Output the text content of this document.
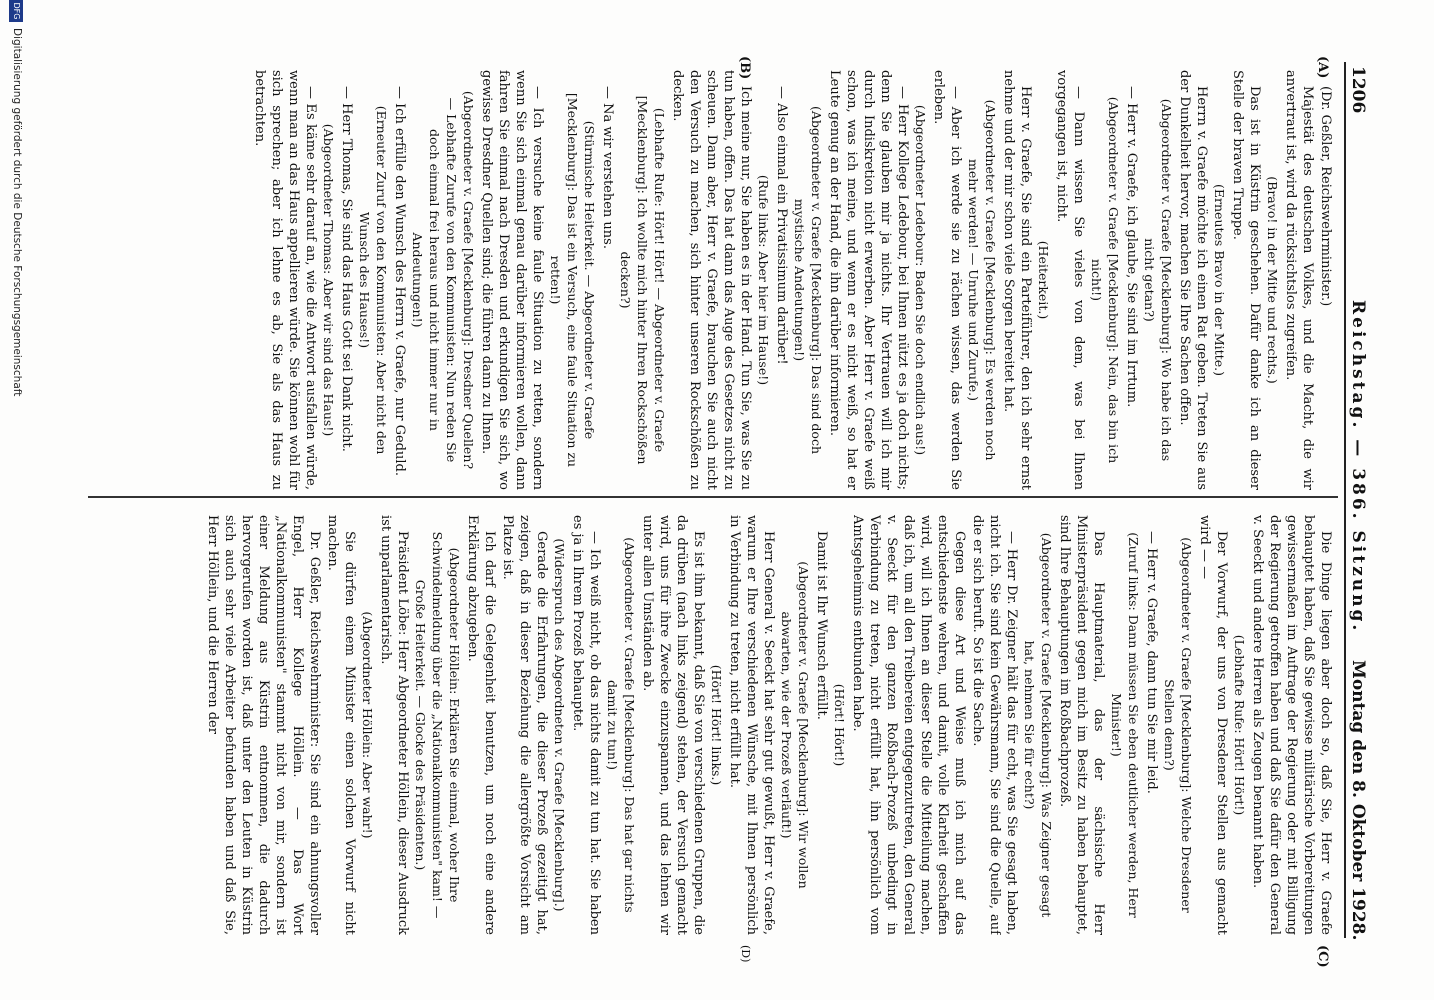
1206
Reichstag. — 386. Sitzung.
Montag den 8. Oktober 1928.
(A)
(B)
(C)
(D)

(Dr. Geßler, Reichswehrminister.)

Majestät des deutschen Volkes, und die Macht, die wir anvertraut ist, wird da rücksichtslos zugreifen.

(Bravo! in der Mitte und rechts.)

Das ist in Küstrin geschehen. Dafür danke ich an dieser Stelle der braven Truppe.

(Erneutes Bravo in der Mitte.)

Herrn v. Graefe möchte ich einen Rat geben. Treten Sie aus der Dunkelheit hervor, machen Sie Ihre Sachen offen.

(Abgeordneter v. Graefe [Mecklenburg]: Wo habe ich das nicht getan?)

— Herr v. Graefe, ich glaube, Sie sind im Irrtum.

(Abgeordneter v. Graefe [Mecklenburg]: Nein, das bin ich nicht!)

— Dann wissen Sie vieles von dem, was bei Ihnen vorgegangen ist, nicht.

(Heiterkeit.)

Herr v. Graefe, Sie sind ein Parteiführer, den ich sehr ernst nehme und der mir schon viele Sorgen bereitet hat.

(Abgeordneter v. Graefe [Mecklenburg]: Es werden noch mehr werden! — Unruhe und Zurufe.)

— Aber ich werde sie zu rächen wissen, das werden Sie erleben.

(Abgeordneter Ledebour: Baden Sie doch endlich aus!)

— Herr Kollege Ledebour, bei Ihnen nützt es ja doch nichts; denn Sie glauben mir ja nichts. Ihr Vertrauen will ich mir durch Indiskretion nicht erwerben. Aber Herr v. Graefe weiß schon, was ich meine, und wenn er es nicht weiß, so hat er Leute genug an der Hand, die ihn darüber informieren.

(Abgeordneter v. Graefe [Mecklenburg]: Das sind doch mystische Andeutungen!)

— Also einmal ein Privatissimum darüber!

(Rufe links: Aber hier im Hause!)

Ich meine nur, Sie haben es in der Hand. Tun Sie, was Sie zu tun haben, offen. Das hat dann das Auge des Gesetzes nicht zu scheuen. Dann aber, Herr v. Graefe, brauchen Sie auch nicht den Versuch zu machen, sich hinter unseren Rockschößen zu decken.

(Lebhafte Rufe: Hört! Hört! — Abgeordneter v. Graefe [Mecklenburg]: Ich wollte mich hinter Ihren Rockschößen decken?)

— Na wir verstehen uns.

(Stürmische Heiterkeit. — Abgeordneter v. Graefe [Mecklenburg]: Das ist ein Versuch, eine faule Situation zu retten!)

— Ich versuche keine faule Situation zu retten, sondern wenn Sie sich einmal genau darüber informieren wollen, dann fahren Sie einmal nach Dresden und erkundigen Sie sich, wo gewisse Dresdner Quellen sind; die führen dann zu Ihnen.

(Abgeordneter v. Graefe [Mecklenburg]: Dresdner Quellen? — Lebhafte Zurufe von den Kommunisten: Nun reden Sie doch einmal frei heraus und nicht immer nur in Andeutungen!)

— Ich erfülle den Wunsch des Herrn v. Graefe, nur Geduld.

(Erneuter Zuruf von den Kommunisten: Aber nicht den Wunsch des Hauses!)

— Herr Thomas, Sie sind das Haus Gott sei Dank nicht.

(Abgeordneter Thomas: Aber wir sind das Haus!)

— Es käme sehr darauf an, wie die Antwort ausfallen würde, wenn man an das Haus appellieren würde. Sie können wohl für sich sprechen; aber ich lehne es ab, Sie als das Haus zu betrachten.

Die Dinge liegen aber doch so, daß Sie, Herr v. Graefe behauptet haben, daß Sie gewisse militärische Vorbereitungen gewissermaßen im Auftrage der Regierung oder mit Billigung der Regierung getroffen haben und daß Sie dafür den General v. Seeckt und andere Herren als Zeugen benannt haben.

(Lebhafte Rufe: Hört! Hört!)

Der Vorwurf, der uns von Dresdener Stellen aus gemacht wird — —

(Abgeordneter v. Graefe [Mecklenburg]: Welche Dresdener Stellen denn?)

— Herr v. Graefe, dann tun Sie mir leid.

(Zuruf links: Dann müssen Sie eben deutlicher werden, Herr Minister!)

Das Hauptmaterial, das der sächsische Herr Ministerpräsident gegen mich im Besitz zu haben behauptet, sind Ihre Behauptungen im Roßbachprozeß.

(Abgeordneter v. Graefe [Mecklenburg]: Was Zeigner gesagt hat, nehmen Sie für echt?)

— Herr Dr. Zeigner hält das für echt, was Sie gesagt haben, nicht ich. Sie sind kein Gewährsmann, Sie sind die Quelle, auf die er sich beruft. So ist die Sache.

Gegen diese Art und Weise muß ich mich auf das entschiedenste wehren, und damit, volle Klarheit geschaffen wird, will ich Ihnen an dieser Stelle die Mitteilung machen, daß ich, um all den Treibereien entgegenzutreten, den General v. Seeckt für den ganzen Roßbach-Prozeß unbedingt in Verbindung zu treten, nicht erfüllt hat, ihn persönlich vom Amtsgeheimnis entbunden habe.

(Hört! Hört!)

Damit ist Ihr Wunsch erfüllt.

(Abgeordneter v. Graefe [Mecklenburg]: Wir wollen abwarten, wie der Prozeß verläuft!)

Herr General v. Seeckt hat sehr gut gewußt, Herr v. Graefe, warum er Ihre verschiedenen Wünsche, mit Ihnen persönlich in Verbindung zu treten, nicht erfüllt hat.

(Hört! Hört! links.)

Es ist ihm bekannt, daß Sie von verschiedenen Gruppen, die da drüben (nach links zeigend) stehen, der Versuch gemacht wird, uns für ihre Zwecke einzuspannen, und das lehnen wir unter allen Umständen ab.

(Abgeordneter v. Graefe [Mecklenburg]: Das hat gar nichts damit zu tun!)

— Ich weiß nicht, ob das nichts damit zu tun hat. Sie haben es ja in Ihrem Prozeß behauptet.

(Widerspruch des Abgeordneten v. Graefe [Mecklenburg].)

Gerade die Erfahrungen, die dieser Prozeß gezeitigt hat, zeigen, daß in dieser Beziehung die allergrößte Vorsicht am Platze ist.

Ich darf die Gelegenheit benutzen, um noch eine andere Erklärung abzugeben.

(Abgeordneter Höllein: Erklären Sie einmal, woher Ihre Schwindelmeldung über die „Nationalkommunisten" kam! — Große Heiterkeit. — Glocke des Präsidenten.)

Präsident Löbe: Herr Abgeordneter Höllein, dieser Ausdruck ist unparlamentarisch.

(Abgeordneter Höllein: Aber wahr!)

Sie dürfen einem Minister einen solchen Vorwurf nicht machen.

Dr. Geßler, Reichswehrminister: Sie sind ein ahnungsvoller Engel, Herr Kollege Höllein. — Das Wort „Nationalkommunisten" stammt nicht von mir, sondern ist einer Meldung aus Küstrin entnommen, die dadurch hervorgerufen worden ist, daß unter den Leuten in Küstrin sich auch sehr viele Arbeiter befunden haben und daß Sie, Herr Höllein, und die Herren der

DFG
Digitalisierung gefördert durch die Deutsche Forschungsgemeinschaft
